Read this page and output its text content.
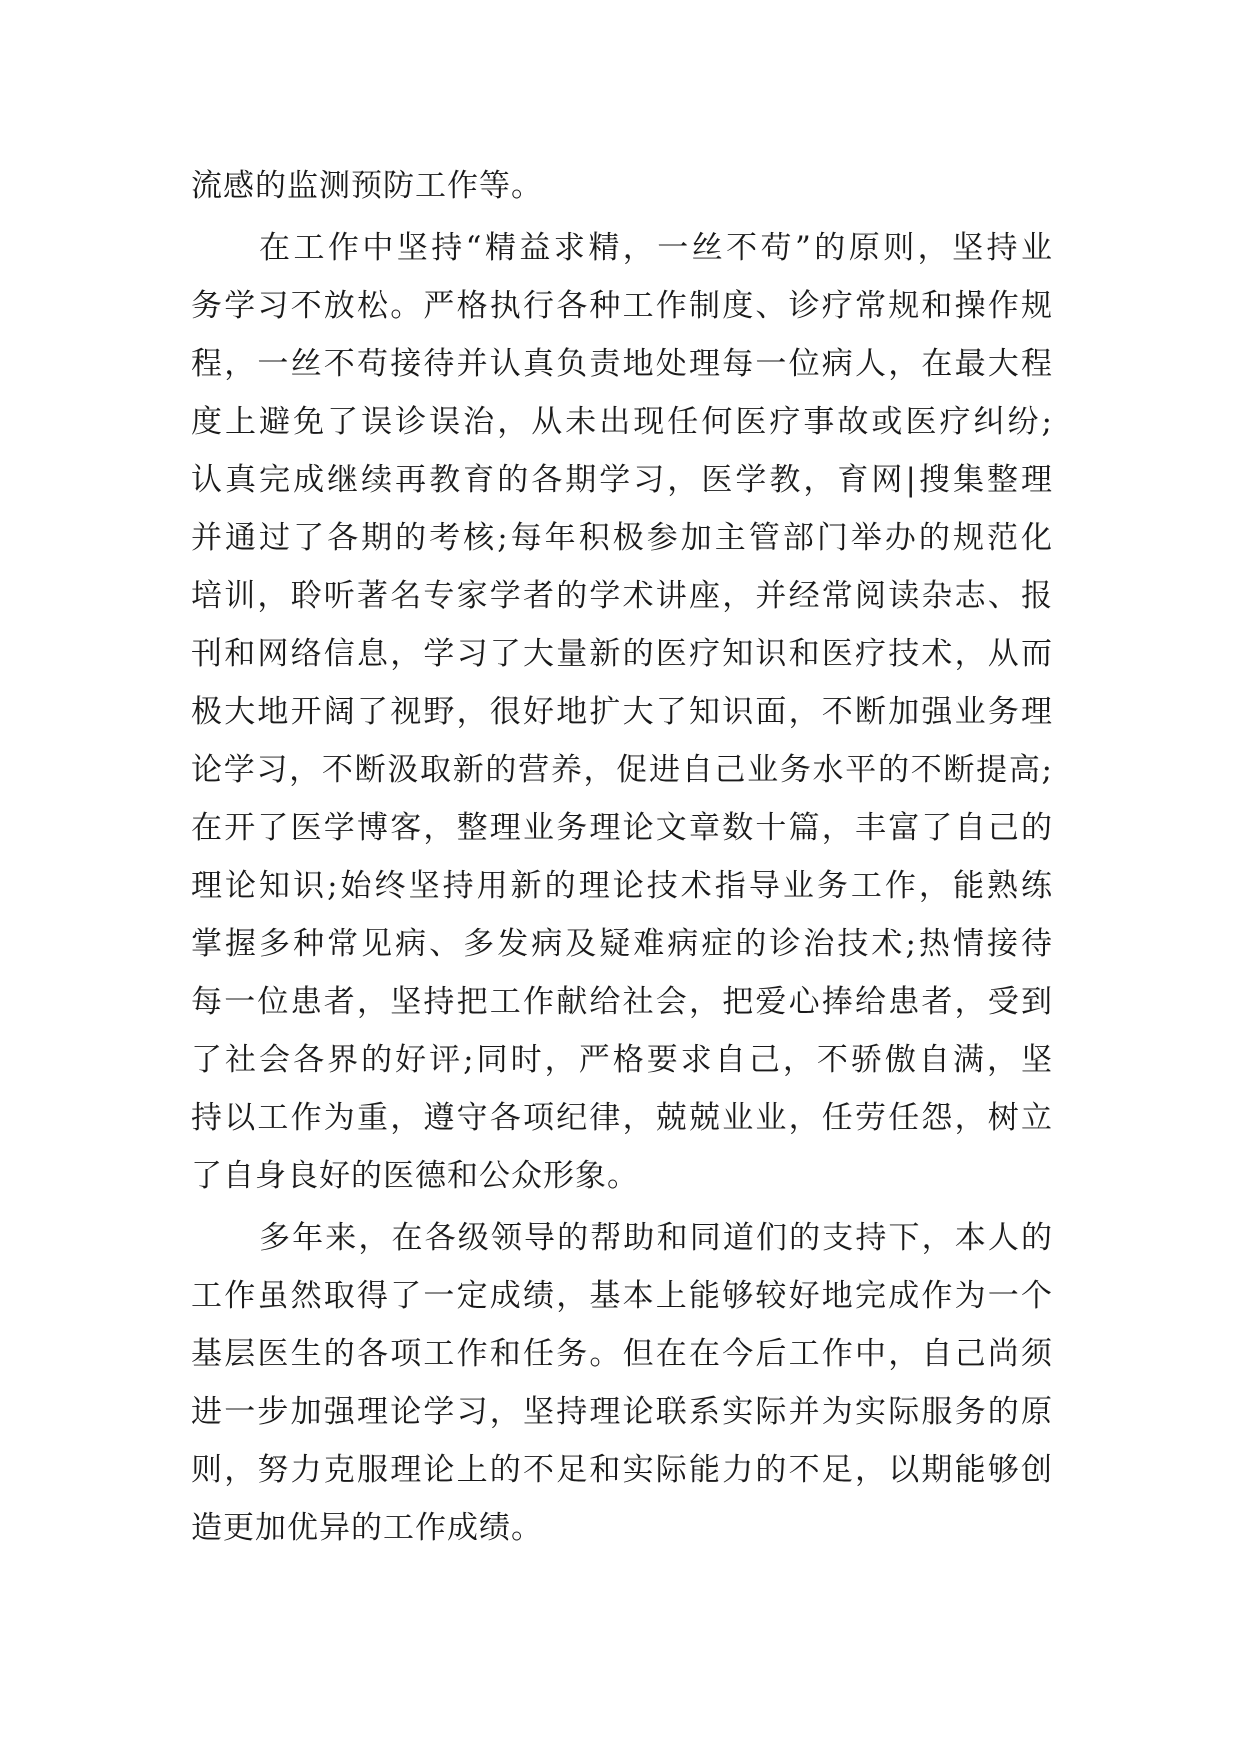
流感的监测预防工作等。
在工作中坚持“精益求精，一丝不苟”的原则，坚持业
务学习不放松。严格执行各种工作制度、诊疗常规和操作规
程，一丝不苟接待并认真负责地处理每一位病人，在最大程
度上避免了误诊误治，从未出现任何医疗事故或医疗纠纷;
认真完成继续再教育的各期学习，医学教，育网|搜集整理
并通过了各期的考核;每年积极参加主管部门举办的规范化
培训，聆听著名专家学者的学术讲座，并经常阅读杂志、报
刊和网络信息，学习了大量新的医疗知识和医疗技术，从而
极大地开阔了视野，很好地扩大了知识面，不断加强业务理
论学习，不断汲取新的营养，促进自己业务水平的不断提高;
在开了医学博客，整理业务理论文章数十篇，丰富了自己的
理论知识;始终坚持用新的理论技术指导业务工作，能熟练
掌握多种常见病、多发病及疑难病症的诊治技术;热情接待
每一位患者，坚持把工作献给社会，把爱心捧给患者，受到
了社会各界的好评;同时，严格要求自己，不骄傲自满，坚
持以工作为重，遵守各项纪律，兢兢业业，任劳任怨，树立
了自身良好的医德和公众形象。
多年来，在各级领导的帮助和同道们的支持下，本人的
工作虽然取得了一定成绩，基本上能够较好地完成作为一个
基层医生的各项工作和任务。但在在今后工作中，自己尚须
进一步加强理论学习，坚持理论联系实际并为实际服务的原
则，努力克服理论上的不足和实际能力的不足，以期能够创
造更加优异的工作成绩。
